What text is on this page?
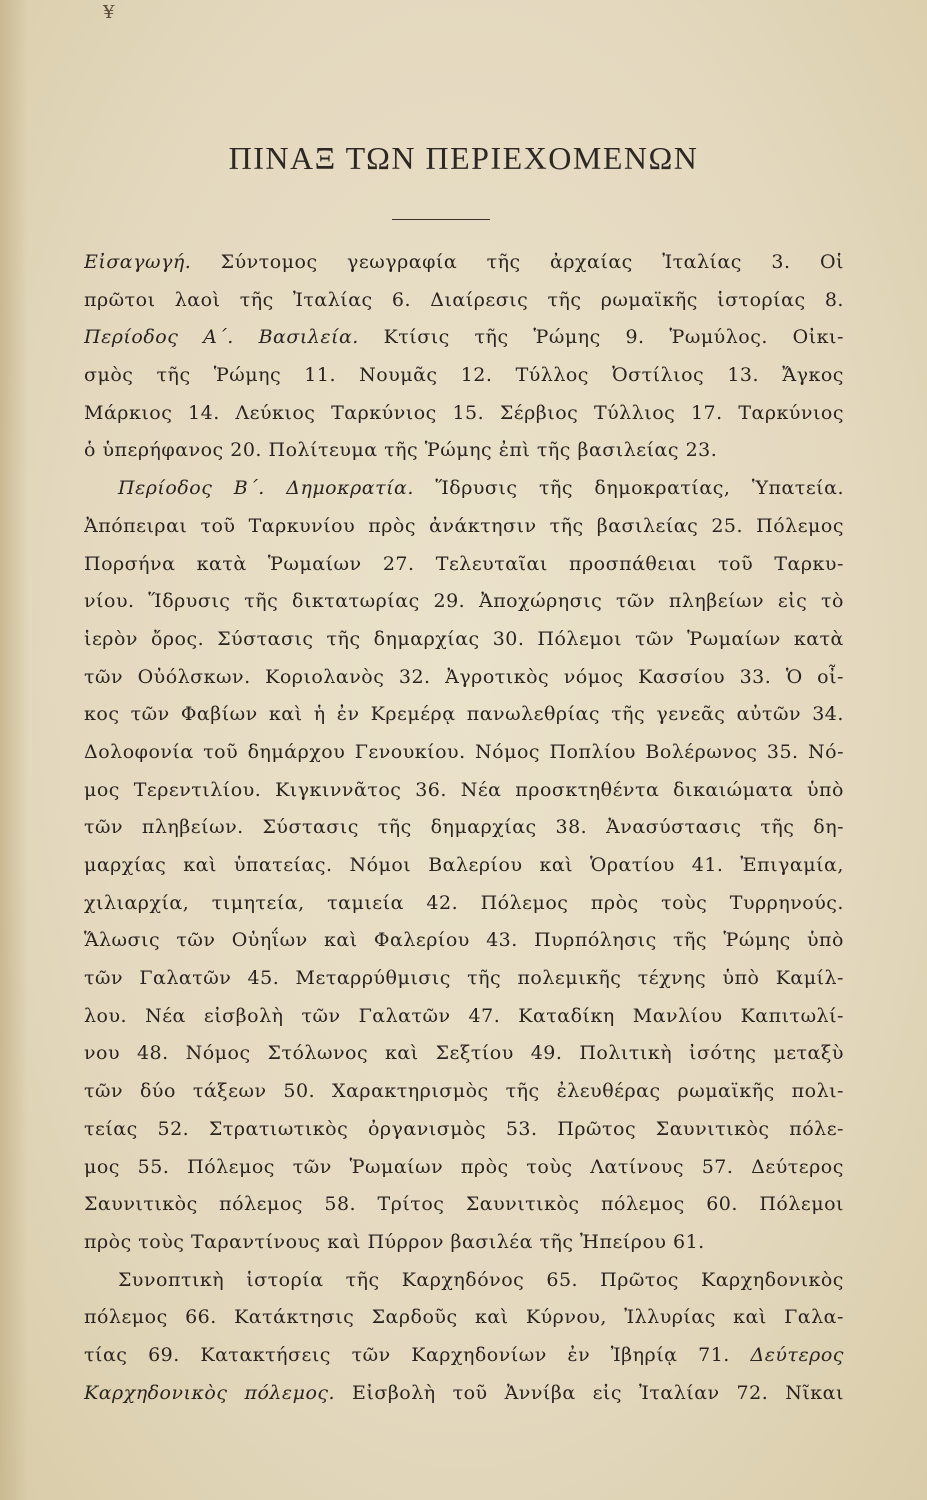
¥
ΠΙΝΑΞ ΤΩΝ ΠΕΡΙΕΧΟΜΕΝΩΝ
Εἰσαγωγή. Σύντομος γεωγραφία τῆς ἀρχαίας Ἰταλίας 3. Οἱ
πρῶτοι λαοὶ τῆς Ἰταλίας 6. Διαίρεσις τῆς ρωμαϊκῆς ἱστορίας 8.
Περίοδος Α΄. Βασιλεία. Κτίσις τῆς Ῥώμης 9. Ῥωμύλος. Οἰκι-
σμὸς τῆς Ῥώμης 11. Νουμᾶς 12. Τύλλος Ὀστίλιος 13. Ἄγκος
Μάρκιος 14. Λεύκιος Ταρκύνιος 15. Σέρβιος Τύλλιος 17. Ταρκύνιος
ὁ
ὑπερήφανος
20.
Πολίτευμα
τῆς
Ῥώμης
ἐπὶ
τῆς
βασιλείας
23.

Περίοδος Β΄. Δημοκρατία. Ἵδρυσις τῆς δημοκρατίας, Ὑπατεία.
Ἀπόπειραι τοῦ Ταρκυνίου πρὸς ἀνάκτησιν τῆς βασιλείας 25. Πόλεμος
Πορσήνα κατὰ Ῥωμαίων 27. Τελευταῖαι προσπάθειαι τοῦ Ταρκυ-
νίου. Ἵδρυσις τῆς δικτατωρίας 29. Ἀποχώρησις τῶν πληβείων εἰς τὸ
ἱερὸν ὄρος. Σύστασις τῆς δημαρχίας 30. Πόλεμοι τῶν Ῥωμαίων κατὰ
τῶν Οὐόλσκων. Κοριολανὸς 32. Ἀγροτικὸς νόμος Κασσίου 33. Ὁ οἶ-
κος τῶν Φαβίων καὶ ἡ ἐν Κρεμέρᾳ πανωλεθρίας τῆς γενεᾶς αὐτῶν 34.
Δολοφονία τοῦ δημάρχου Γενουκίου. Νόμος Ποπλίου Βολέρωνος 35. Νό-
μος Τερεντιλίου. Κιγκιννᾶτος 36. Νέα προσκτηθέντα δικαιώματα ὑπὸ
τῶν πληβείων. Σύστασις τῆς δημαρχίας 38. Ἀνασύστασις τῆς δη-
μαρχίας καὶ ὑπατείας. Νόμοι Βαλερίου καὶ Ὁρατίου 41. Ἐπιγαμία,
χιλιαρχία, τιμητεία, ταμιεία 42. Πόλεμος πρὸς τοὺς Τυρρηνούς.
Ἅλωσις τῶν Οὐηΐων καὶ Φαλερίου 43. Πυρπόλησις τῆς Ῥώμης ὑπὸ
τῶν Γαλατῶν 45. Μεταρρύθμισις τῆς πολεμικῆς τέχνης ὑπὸ Καμίλ-
λου. Νέα εἰσβολὴ τῶν Γαλατῶν 47. Καταδίκη Μανλίου Καπιτωλί-
νου 48. Νόμος Στόλωνος καὶ Σεξτίου 49. Πολιτικὴ ἰσότης μεταξὺ
τῶν δύο τάξεων 50. Χαρακτηρισμὸς τῆς ἐλευθέρας ρωμαϊκῆς πολι-
τείας 52. Στρατιωτικὸς ὀργανισμὸς 53. Πρῶτος Σαυνιτικὸς πόλε-
μος 55. Πόλεμος τῶν Ῥωμαίων πρὸς τοὺς Λατίνους 57. Δεύτερος
Σαυνιτικὸς πόλεμος 58. Τρίτος Σαυνιτικὸς πόλεμος 60. Πόλεμοι
πρὸς
τοὺς
Ταραντίνους
καὶ
Πύρρον
βασιλέα
τῆς
Ἠπείρου
61.

Συνοπτικὴ ἱστορία τῆς Καρχηδόνος 65. Πρῶτος Καρχηδονικὸς
πόλεμος 66. Κατάκτησις Σαρδοῦς καὶ Κύρνου, Ἰλλυρίας καὶ Γαλα-
τίας 69. Κατακτήσεις τῶν Καρχηδονίων ἐν Ἰβηρίᾳ 71. Δεύτερος
Καρχηδονικὸς πόλεμος. Εἰσβολὴ τοῦ Ἀννίβα εἰς Ἰταλίαν 72. Νῖκαι
